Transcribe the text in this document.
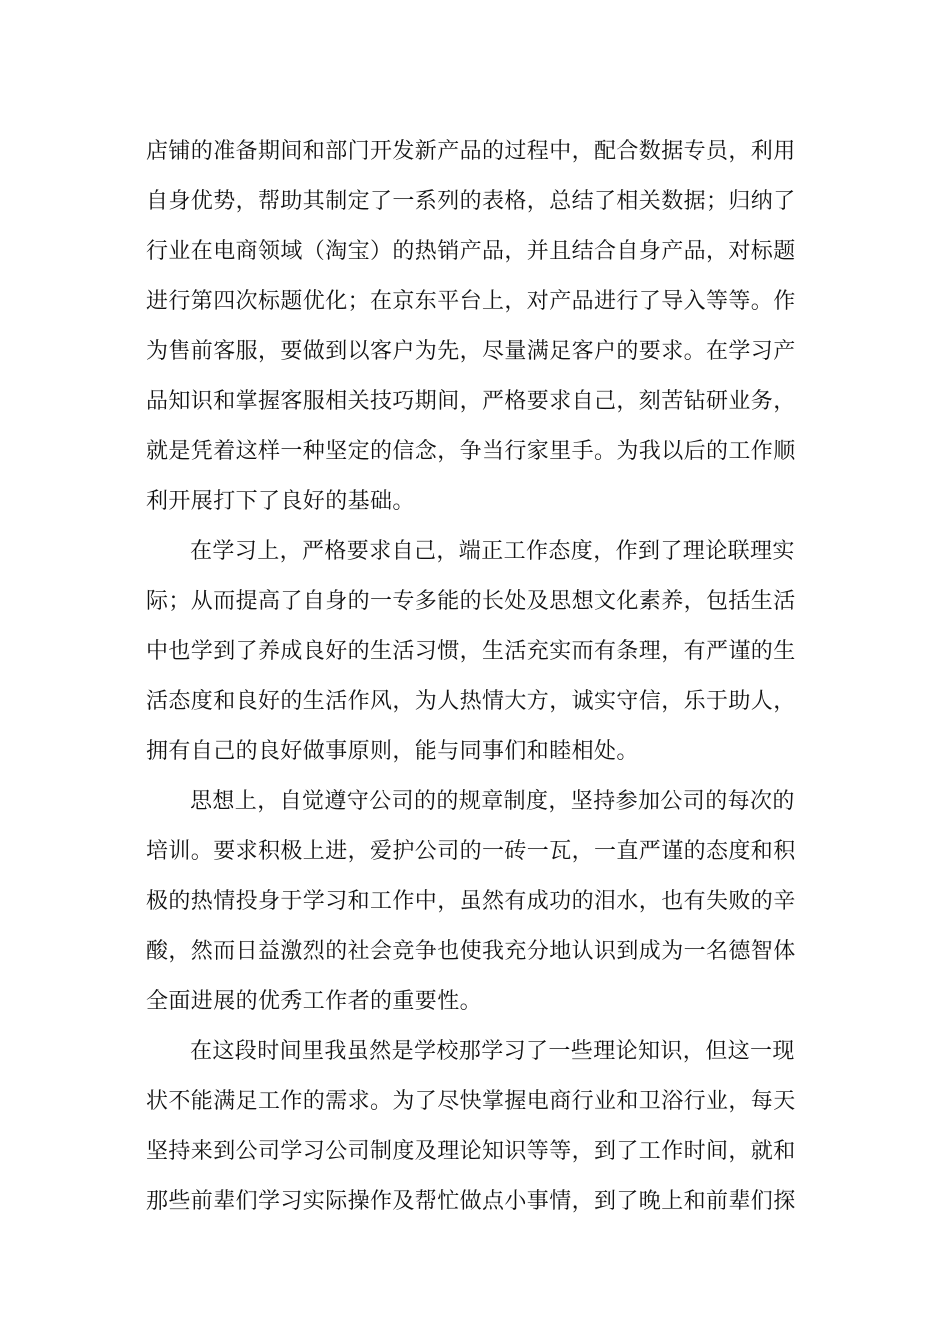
店铺的准备期间和部门开发新产品的过程中，配合数据专员，利用
自身优势，帮助其制定了一系列的表格，总结了相关数据；归纳了
行业在电商领域（淘宝）的热销产品，并且结合自身产品，对标题
进行第四次标题优化；在京东平台上，对产品进行了导入等等。作
为售前客服，要做到以客户为先，尽量满足客户的要求。在学习产
品知识和掌握客服相关技巧期间，严格要求自己，刻苦钻研业务，
就是凭着这样一种坚定的信念，争当行家里手。为我以后的工作顺
利开展打下了良好的基础。
在学习上，严格要求自己，端正工作态度，作到了理论联理实
际；从而提高了自身的一专多能的长处及思想文化素养，包括生活
中也学到了养成良好的生活习惯，生活充实而有条理，有严谨的生
活态度和良好的生活作风，为人热情大方，诚实守信，乐于助人，
拥有自己的良好做事原则，能与同事们和睦相处。
思想上，自觉遵守公司的的规章制度，坚持参加公司的每次的
培训。要求积极上进，爱护公司的一砖一瓦，一直严谨的态度和积
极的热情投身于学习和工作中，虽然有成功的泪水，也有失败的辛
酸，然而日益激烈的社会竞争也使我充分地认识到成为一名德智体
全面进展的优秀工作者的重要性。
在这段时间里我虽然是学校那学习了一些理论知识，但这一现
状不能满足工作的需求。为了尽快掌握电商行业和卫浴行业，每天
坚持来到公司学习公司制度及理论知识等等，到了工作时间，就和
那些前辈们学习实际操作及帮忙做点小事情，到了晚上和前辈们探
